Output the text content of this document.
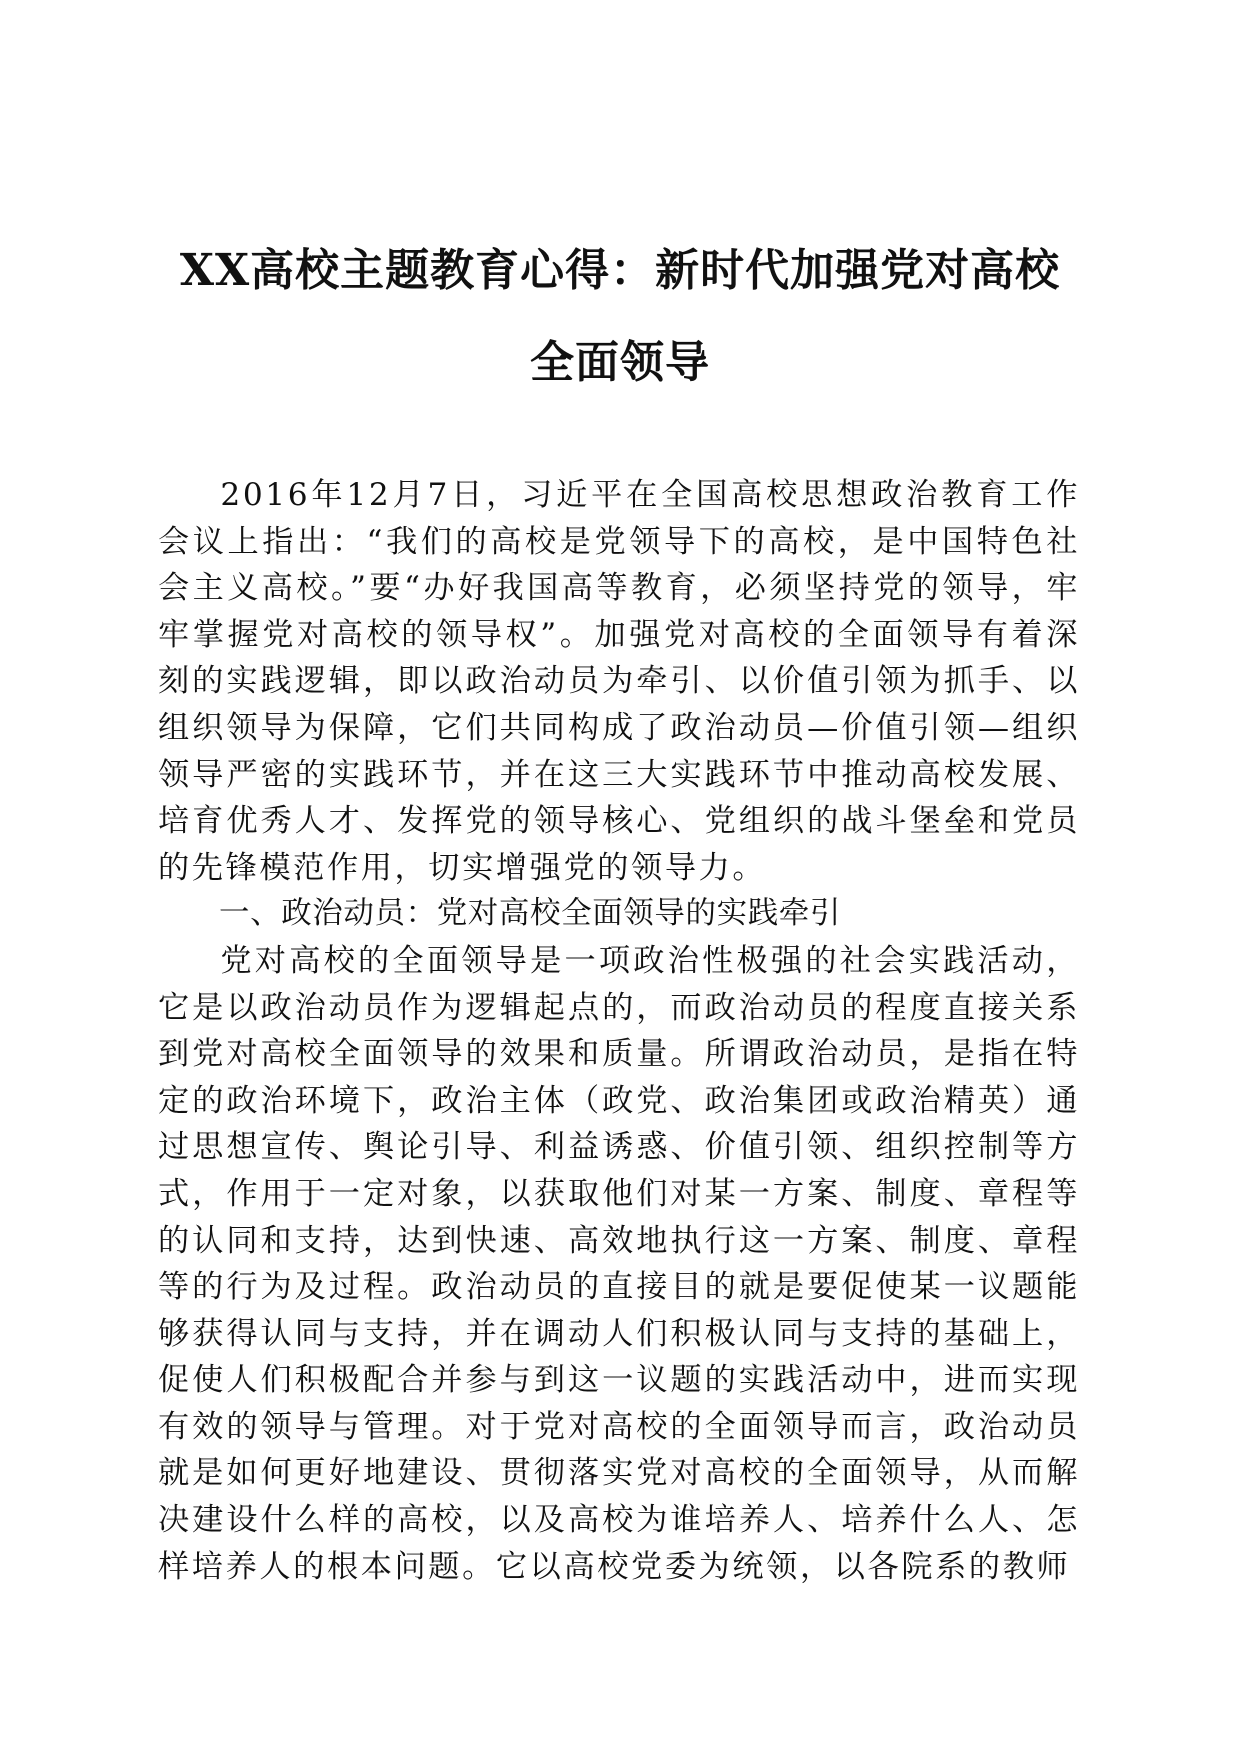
XX高校主题教育心得：新时代加强党对高校
全面领导

2016年12月7日，习近平在全国高校思想政治教育工作会议上指出：“我们的高校是党领导下的高校，是中国特色社会主义高校。”要“办好我国高等教育，必须坚持党的领导，牢牢掌握党对高校的领导权”。加强党对高校的全面领导有着深刻的实践逻辑，即以政治动员为牵引、以价值引领为抓手、以组织领导为保障，它们共同构成了政治动员—价值引领—组织领导严密的实践环节，并在这三大实践环节中推动高校发展、培育优秀人才、发挥党的领导核心、党组织的战斗堡垒和党员的先锋模范作用，切实增强党的领导力。

一、政治动员：党对高校全面领导的实践牵引

党对高校的全面领导是一项政治性极强的社会实践活动，它是以政治动员作为逻辑起点的，而政治动员的程度直接关系到党对高校全面领导的效果和质量。所谓政治动员，是指在特定的政治环境下，政治主体（政党、政治集团或政治精英）通过思想宣传、舆论引导、利益诱惑、价值引领、组织控制等方式，作用于一定对象，以获取他们对某一方案、制度、章程等的认同和支持，达到快速、高效地执行这一方案、制度、章程等的行为及过程。政治动员的直接目的就是要促使某一议题能够获得认同与支持，并在调动人们积极认同与支持的基础上，促使人们积极配合并参与到这一议题的实践活动中，进而实现有效的领导与管理。对于党对高校的全面领导而言，政治动员就是如何更好地建设、贯彻落实党对高校的全面领导，从而解决建设什么样的高校，以及高校为谁培养人、培养什么人、怎样培养人的根本问题。它以高校党委为统领，以各院系的教师
